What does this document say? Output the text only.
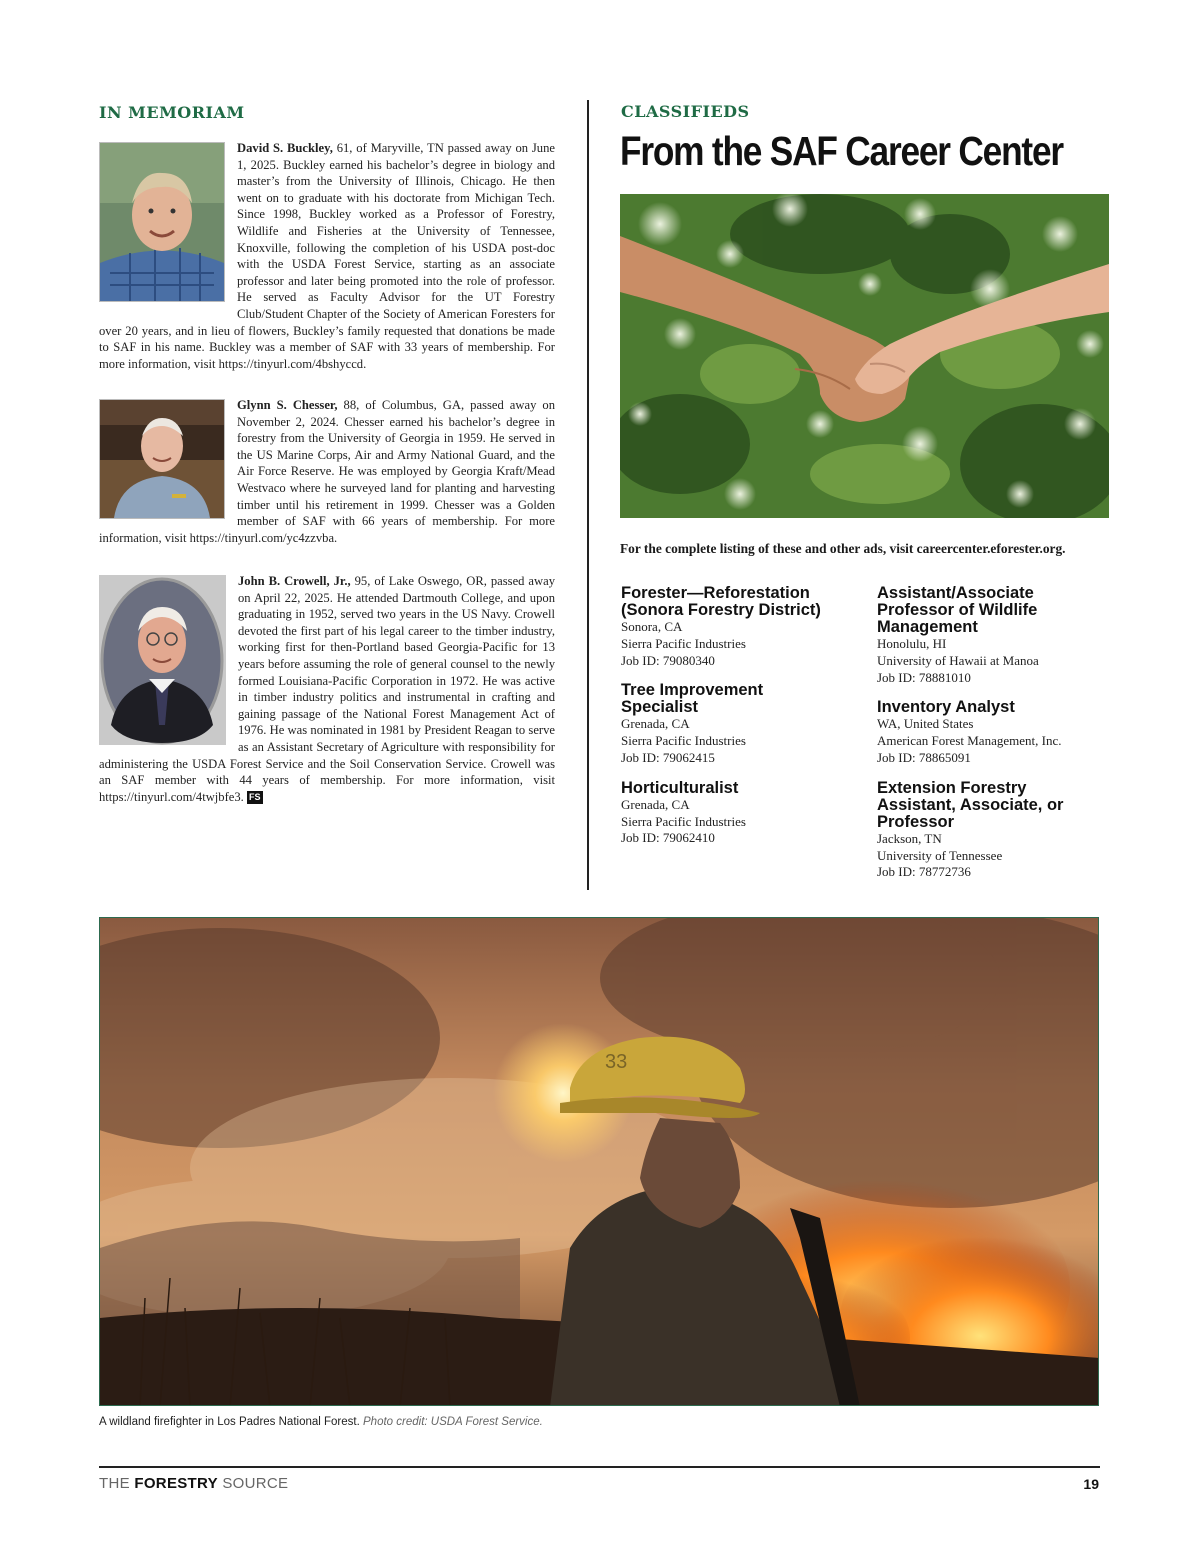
IN MEMORIAM	CLASSIFIEDS
David S. Buckley, 61, of Maryville, TN passed away on June 1, 2025. Buckley earned his bachelor’s degree in biology and master’s from the University of Illinois, Chicago. He then went on to graduate with his doctorate from Michigan Tech. Since 1998, Buckley worked as a Professor of Forestry, Wildlife and Fisheries at the University of Tennessee, Knoxville, following the completion of his USDA post-doc with the USDA Forest Service, starting as an associate professor and later being promoted into the role of professor. He served as Faculty Advisor for the UT Forestry Club/Student Chapter of the Society of American Foresters for over 20 years, and in lieu of flowers, Buckley’s family requested that donations be made to SAF in his name. Buckley was a member of SAF with 33 years of membership. For more information, visit https://tinyurl.com/4bshyccd.
Glynn S. Chesser, 88, of Columbus, GA, passed away on November 2, 2024. Chesser earned his bachelor’s degree in forestry from the University of Georgia in 1959. He served in the US Marine Corps, Air and Army National Guard, and the Air Force Reserve. He was employed by Georgia Kraft/Mead Westvaco where he surveyed land for planting and harvesting timber until his retirement in 1999. Chesser was a Golden member of SAF with 66 years of membership. For more information, visit https://tinyurl.com/yc4zzvba.
John B. Crowell, Jr., 95, of Lake Oswego, OR, passed away on April 22, 2025. He attended Dartmouth College, and upon graduating in 1952, served two years in the US Navy. Crowell devoted the first part of his legal career to the timber industry, working first for then-Portland based Georgia-Pacific for 13 years before assuming the role of general counsel to the newly formed Louisiana-Pacific Corporation in 1972. He was active in timber industry politics and instrumental in crafting and gaining passage of the National Forest Management Act of 1976. He was nominated in 1981 by President Reagan to serve as an Assistant Secretary of Agriculture with responsibility for administering the USDA Forest Service and the Soil Conservation Service. Crowell was an SAF member with 44 years of membership. For more information, visit https://tinyurl.com/4twjbfe3. FS
From the SAF Career Center
For the complete listing of these and other ads, visit careercenter.eforester.org.
Forester—Reforestation (Sonora Forestry District)
Sonora, CA
Sierra Pacific Industries
Job ID: 79080340
Tree Improvement Specialist
Grenada, CA
Sierra Pacific Industries
Job ID: 79062415
Horticulturalist
Grenada, CA
Sierra Pacific Industries
Job ID: 79062410
Assistant/Associate Professor of Wildlife Management
Honolulu, HI
University of Hawaii at Manoa
Job ID: 78881010
Inventory Analyst
WA, United States
American Forest Management, Inc.
Job ID: 78865091
Extension Forestry Assistant, Associate, or Professor
Jackson, TN
University of Tennessee
Job ID: 78772736
33
A wildland firefighter in Los Padres National Forest. Photo credit: USDA Forest Service.
THE FORESTRY SOURCE	19
